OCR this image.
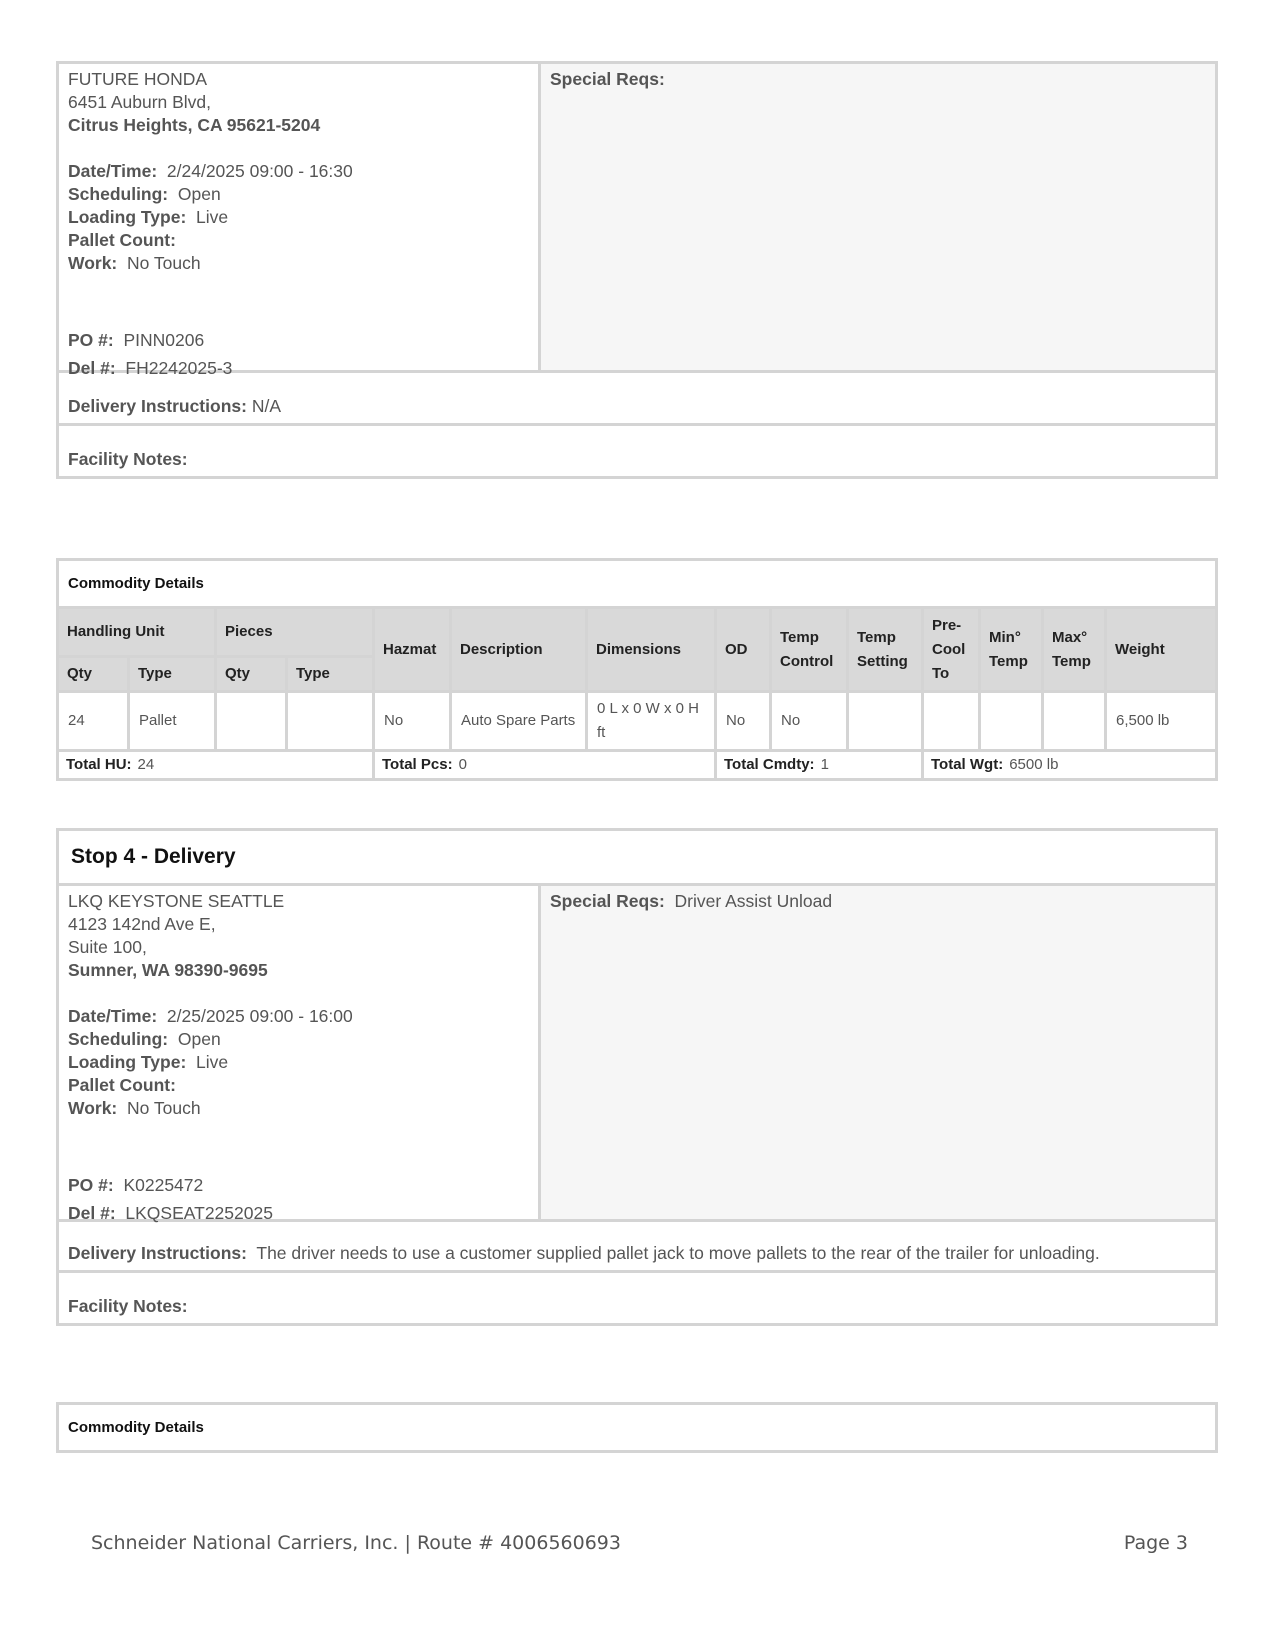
FUTURE HONDA
6451 Auburn Blvd,
Citrus Heights, CA 95621-5204
Date/Time: 2/24/2025 09:00 - 16:30
Scheduling: Open
Loading Type: Live
Pallet Count:
Work: No Touch
PO #: PINN0206
Del #: FH2242025-3
Special Reqs:
Delivery Instructions:
N/A
Facility Notes:
Commodity Details
Handling Unit		Pieces		Hazmat	Description	Dimensions	OD	Temp Control	Temp Setting	Pre-Cool To	Min° Temp	Max° Temp	Weight
Qty	Type	Qty	Type										
24	Pallet			No	Auto Spare Parts	0 L x 0 W x 0 H ft	No	No					6,500 lb
Total HU: 24				Total Pcs: 0			Total Cmdty: 1			Total Wgt: 6500 lb			
Stop 4 - Delivery
LKQ KEYSTONE SEATTLE
4123 142nd Ave E,
Suite 100,
Sumner, WA 98390-9695
Date/Time: 2/25/2025 09:00 - 16:00
Scheduling: Open
Loading Type: Live
Pallet Count:
Work: No Touch
PO #: K0225472
Del #: LKQSEAT2252025
Special Reqs: Driver Assist Unload
Delivery Instructions: The driver needs to use a customer supplied pallet jack to move pallets to the rear of the trailer for unloading.
Facility Notes:
Commodity Details
Schneider National Carriers, Inc. | Route # 4006560693	Page 3
